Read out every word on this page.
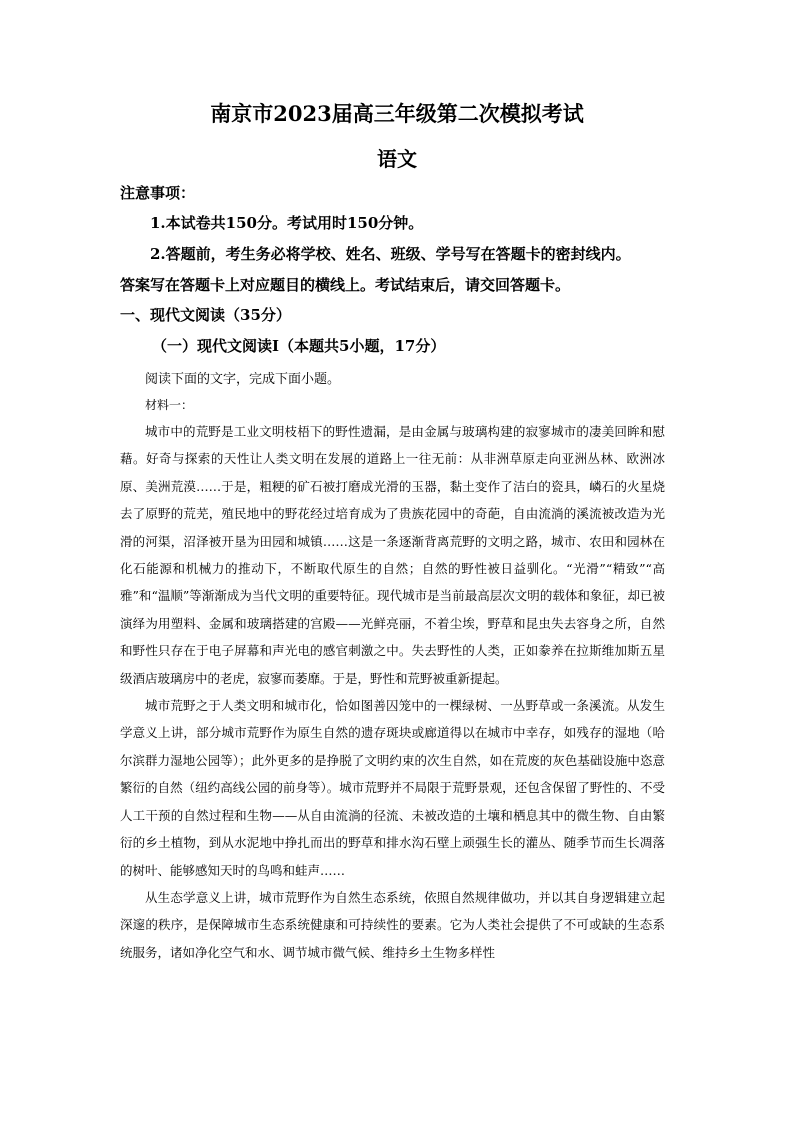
南京市2023届高三年级第二次模拟考试
语文
注意事项：
1.本试卷共150分。考试用时150分钟。
2.答题前，考生务必将学校、姓名、班级、学号写在答题卡的密封线内。
答案写在答题卡上对应题目的横线上。考试结束后，请交回答题卡。
一、现代文阅读（35分）
（一）现代文阅读Ⅰ（本题共5小题，17分）
阅读下面的文字，完成下面小题。
材料一：

城市中的荒野是工业文明枝梧下的野性遗漏，是由金属与玻璃构建的寂寥城市的凄美回眸和慰藉。好奇与探索的天性让人类文明在发展的道路上一往无前：从非洲草原走向亚洲丛林、欧洲冰原、美洲荒漠……于是，粗粳的矿石被打磨成光滑的玉器，黏土变作了洁白的瓷具，嶙石的火星烧去了原野的荒芜，殖民地中的野花经过培育成为了贵族花园中的奇葩，自由流淌的溪流被改造为光滑的河渠，沼泽被开垦为田园和城镇……这是一条逐渐背离荒野的文明之路，城市、农田和园林在化石能源和机械力的推动下，不断取代原生的自然；自然的野性被日益驯化。“光滑”“精致”“高雅”和“温顺”等渐渐成为当代文明的重要特征。现代城市是当前最高层次文明的载体和象征，却已被演绎为用塑料、金属和玻璃搭建的宫殿——光鲜亮丽，不着尘埃，野草和昆虫失去容身之所，自然和野性只存在于电子屏幕和声光电的感官刺激之中。失去野性的人类，正如豢养在拉斯维加斯五星级酒店玻璃房中的老虎，寂寥而萎靡。于是，野性和荒野被重新提起。

城市荒野之于人类文明和城市化，恰如图善囚笼中的一棵绿树、一丛野草或一条溪流。从发生学意义上讲，部分城市荒野作为原生自然的遗存斑块或廊道得以在城市中幸存，如残存的湿地（哈尔滨群力湿地公园等）；此外更多的是挣脱了文明约束的次生自然，如在荒废的灰色基础设施中恣意繁衍的自然（纽约高线公园的前身等）。城市荒野并不局限于荒野景观，还包含保留了野性的、不受人工干预的自然过程和生物——从自由流淌的径流、未被改造的土壤和栖息其中的微生物、自由繁衍的乡土植物，到从水泥地中挣扎而出的野草和排水沟石壁上顽强生长的灌丛、随季节而生长凋落的树叶、能够感知天时的鸟鸣和蛙声……

从生态学意义上讲，城市荒野作为自然生态系统，依照自然规律做功，并以其自身逻辑建立起深邃的秩序，是保障城市生态系统健康和可持续性的要素。它为人类社会提供了不可或缺的生态系统服务，诸如净化空气和水、调节城市微气候、维持乡土生物多样性
